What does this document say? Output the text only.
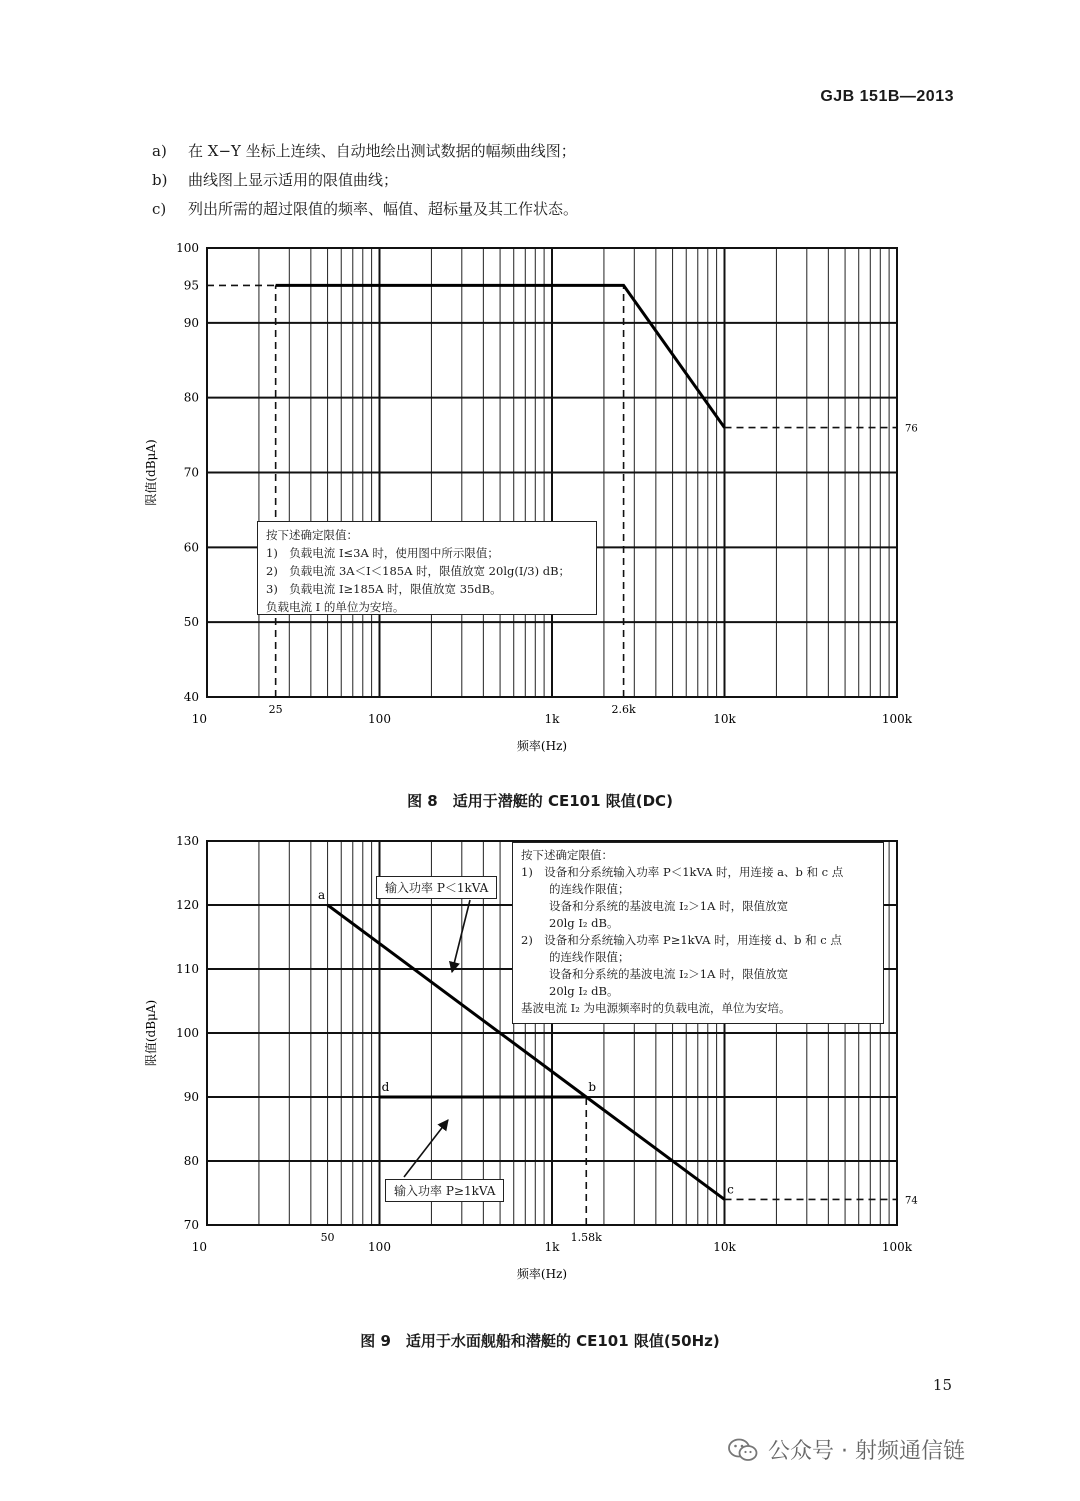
GJB 151B—2013
a) 在 X−Y 坐标上连续、自动地绘出测试数据的幅频曲线图；
b) 曲线图上显示适用的限值曲线；
c) 列出所需的超过限值的频率、幅值、超标量及其工作状态。
10	100	1k	10k	100k
40
50
60
70
80
90
100
95
25	2.6k
76
频率(Hz)
限值(dBμA)
按下述确定限值：
1)　负载电流 I≤3A 时，使用图中所示限值；
2)　负载电流 3A＜I＜185A 时，限值放宽 20lg(I/3) dB；
3)　负载电流 I≥185A 时，限值放宽 35dB。
负载电流 I 的单位为安培。
图 8　适用于潜艇的 CE101 限值(DC)
10	100	1k	10k	100k
70
80
90
100
110
120
130
a
b
c
d
50	1.58k
74
频率(Hz)
限值(dBμA)
按下述确定限值：
1)　设备和分系统输入功率 P＜1kVA 时，用连接 a、b 和 c 点
的连线作限值；
设备和分系统的基波电流 I₂＞1A 时，限值放宽
20lg I₂ dB。
2)　设备和分系统输入功率 P≥1kVA 时，用连接 d、b 和 c 点
的连线作限值；
设备和分系统的基波电流 I₂＞1A 时，限值放宽
20lg I₂ dB。
基波电流 I₂ 为电源频率时的负载电流，单位为安培。
输入功率 P＜1kVA
输入功率 P≥1kVA
图 9　适用于水面舰船和潜艇的 CE101 限值(50Hz)
15
公众号 · 射频通信链
